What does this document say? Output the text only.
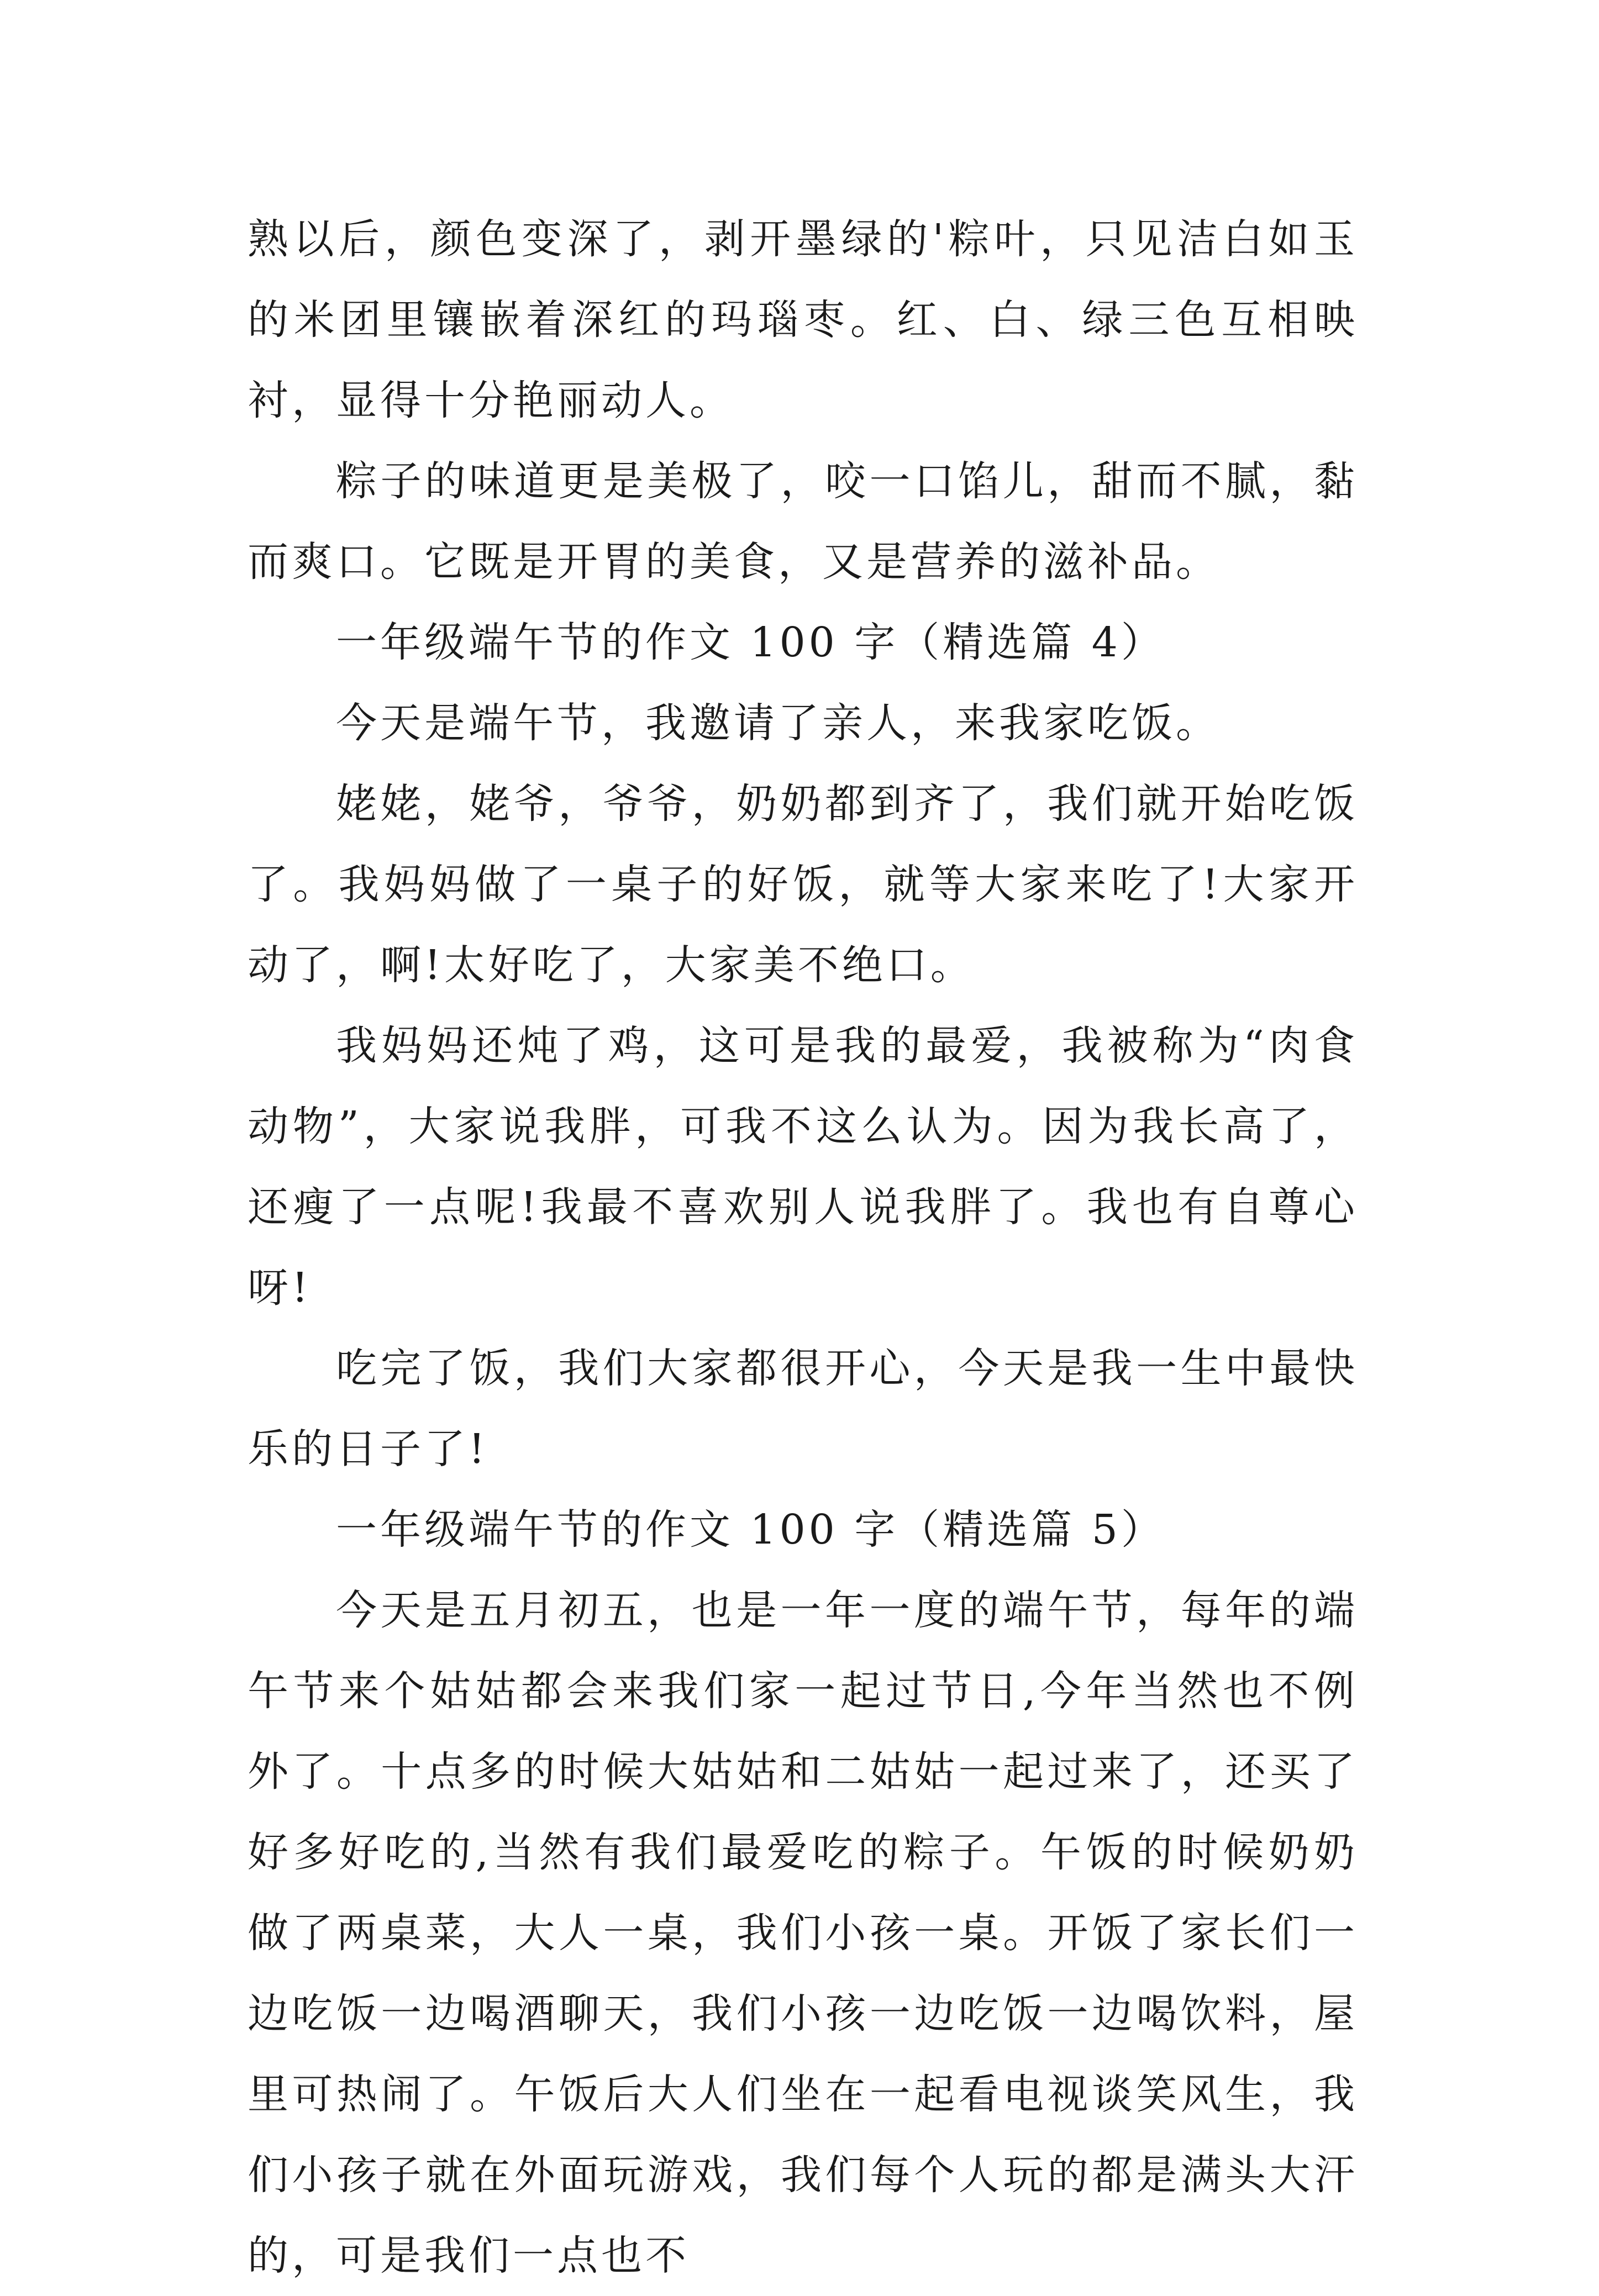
熟以后，颜色变深了，剥开墨绿的'粽叶，只见洁白如玉的米团里镶嵌着深红的玛瑙枣。红、白、绿三色互相映衬，显得十分艳丽动人。

粽子的味道更是美极了，咬一口馅儿，甜而不腻，黏而爽口。它既是开胃的美食，又是营养的滋补品。

一年级端午节的作文 100 字（精选篇 4）

今天是端午节，我邀请了亲人，来我家吃饭。

姥姥，姥爷，爷爷，奶奶都到齐了，我们就开始吃饭了。我妈妈做了一桌子的好饭，就等大家来吃了!大家开动了，啊!太好吃了，大家美不绝口。

我妈妈还炖了鸡，这可是我的最爱，我被称为“肉食动物”，大家说我胖，可我不这么认为。因为我长高了，还瘦了一点呢!我最不喜欢别人说我胖了。我也有自尊心呀!

吃完了饭，我们大家都很开心，今天是我一生中最快乐的日子了!

一年级端午节的作文 100 字（精选篇 5）

今天是五月初五，也是一年一度的端午节，每年的端午节来个姑姑都会来我们家一起过节日,今年当然也不例外了。十点多的时候大姑姑和二姑姑一起过来了，还买了好多好吃的,当然有我们最爱吃的粽子。午饭的时候奶奶做了两桌菜，大人一桌，我们小孩一桌。开饭了家长们一边吃饭一边喝酒聊天，我们小孩一边吃饭一边喝饮料，屋里可热闹了。午饭后大人们坐在一起看电视谈笑风生，我们小孩子就在外面玩游戏，我们每个人玩的都是满头大汗的，可是我们一点也不
